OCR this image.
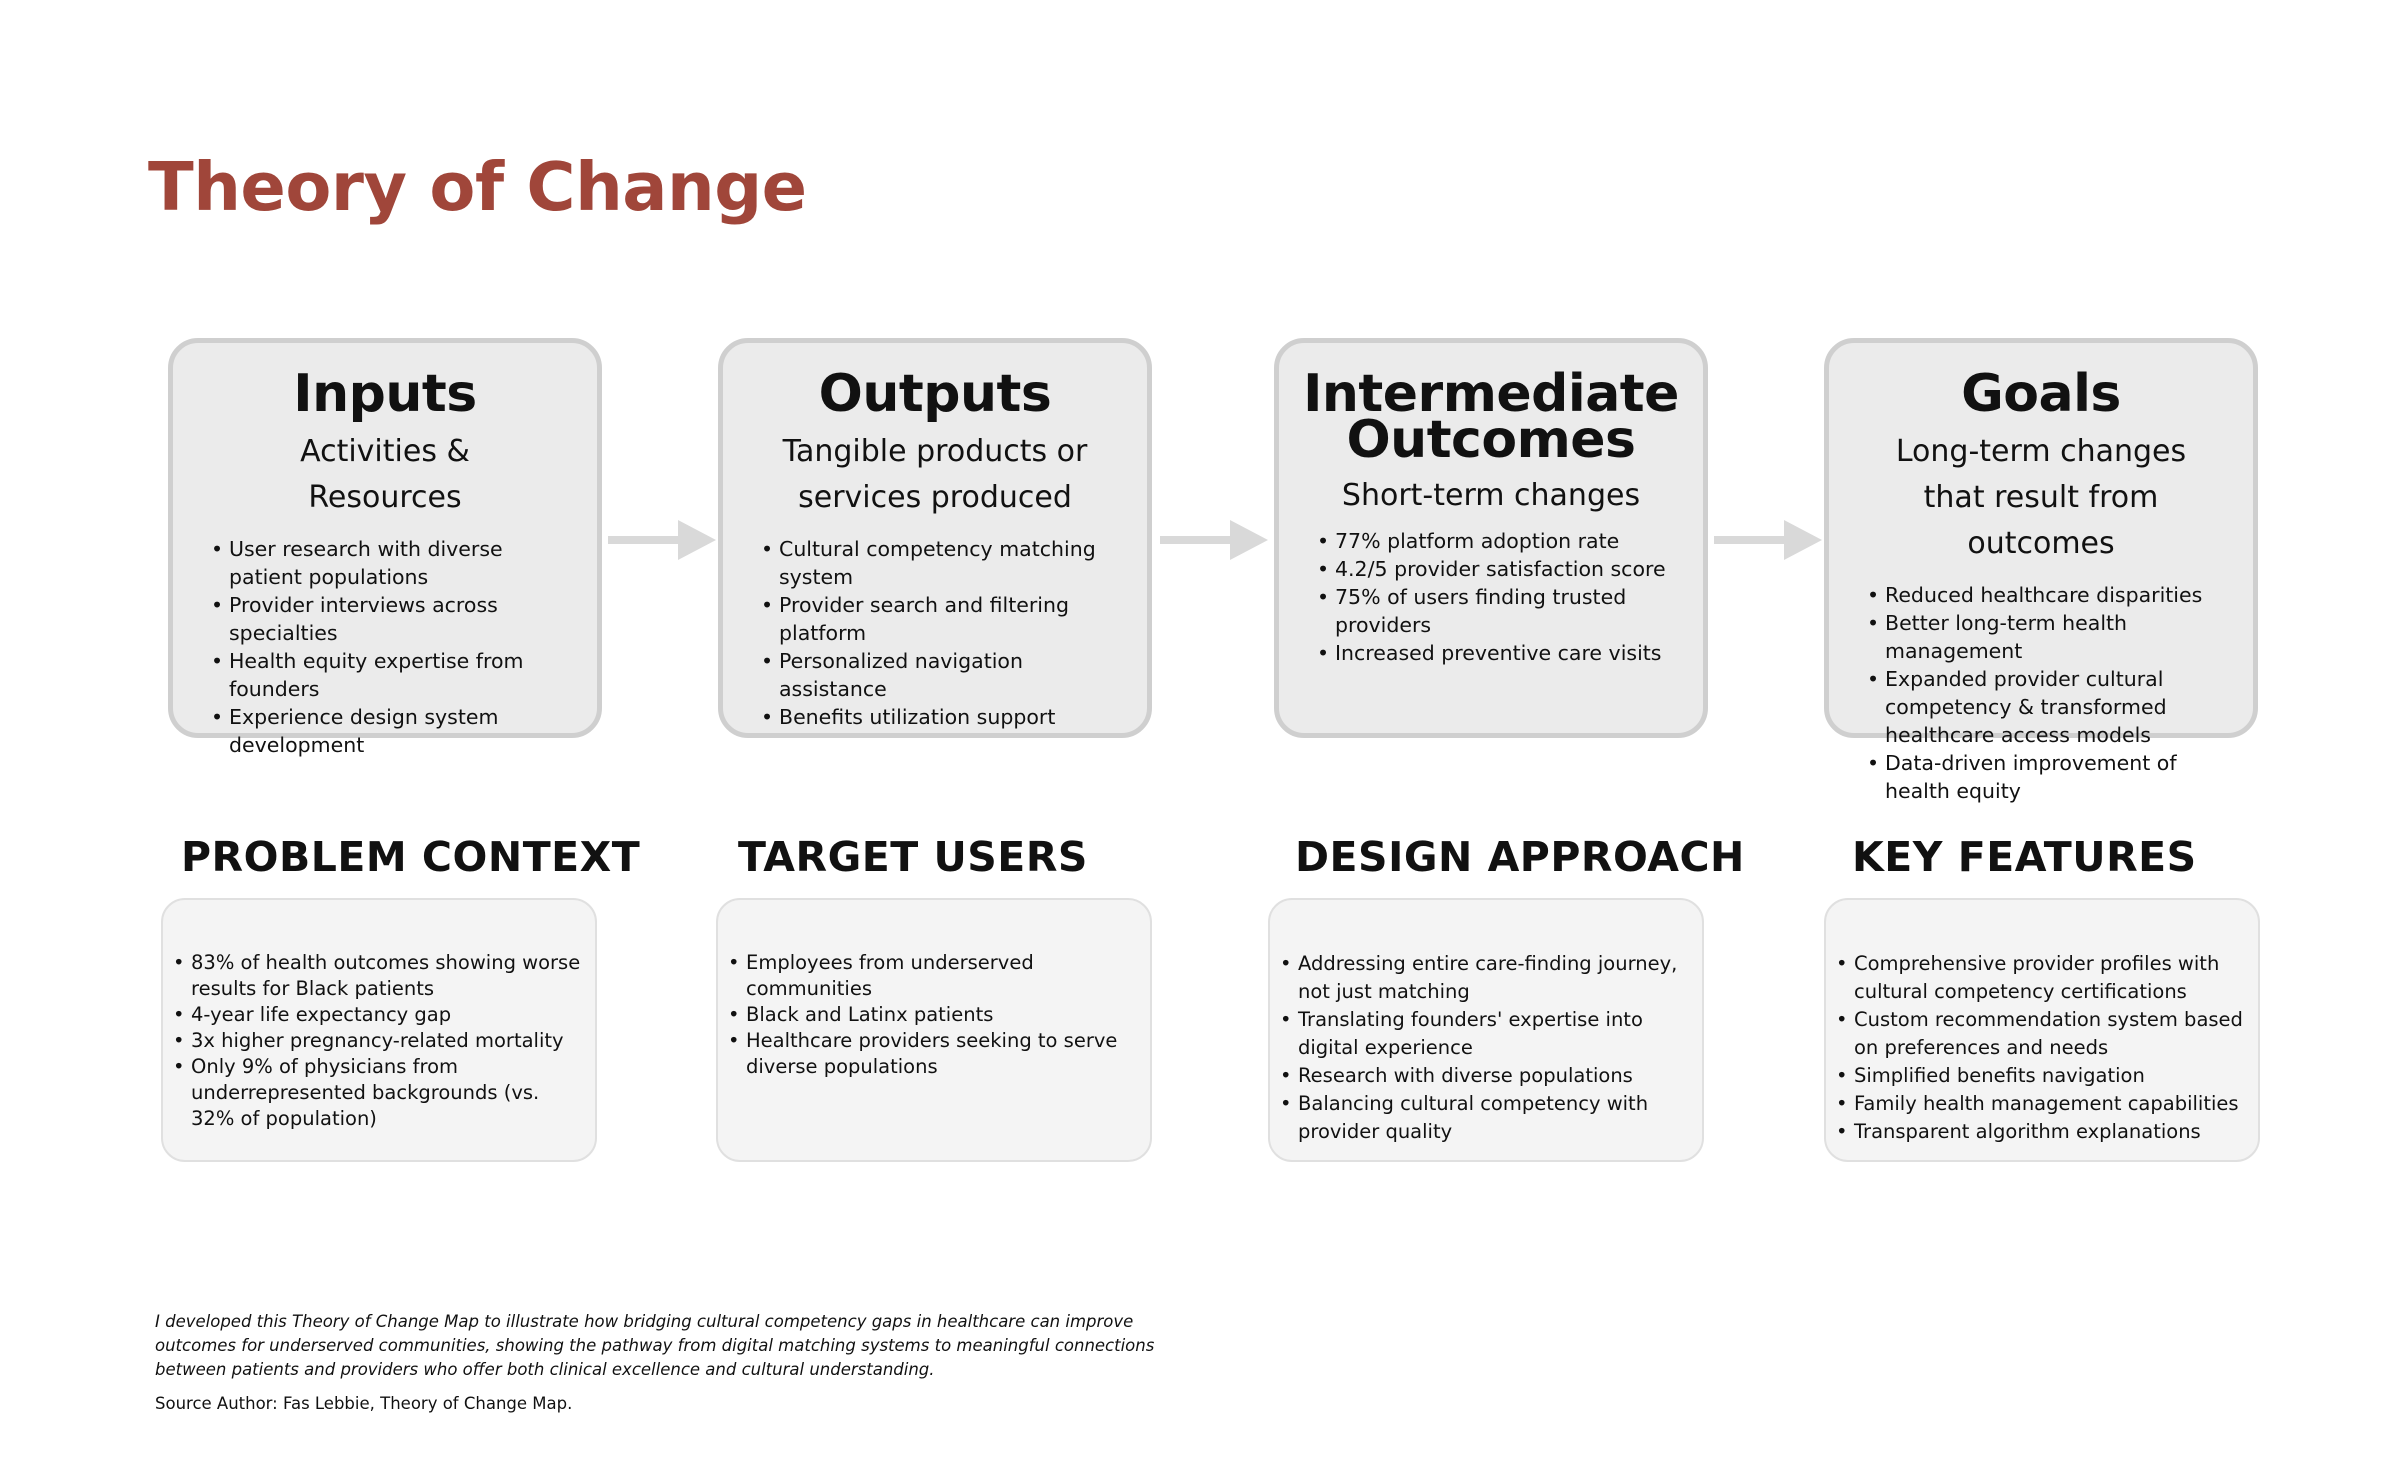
Theory of Change
Inputs
Activities &
Resources
• User research with diverse patient populations
• Provider interviews across specialties
• Health equity expertise from founders
• Experience design system development
Outputs
Tangible products or
services produced
• Cultural competency matching system
• Provider search and filtering platform
• Personalized navigation assistance
• Benefits utilization support
Intermediate Outcomes
Short-term changes
• 77% platform adoption rate
• 4.2/5 provider satisfaction score
• 75% of users finding trusted providers
• Increased preventive care visits
Goals
Long-term changes
that result from outcomes
• Reduced healthcare disparities
• Better long-term health management
• Expanded provider cultural competency & transformed healthcare access models
• Data-driven improvement of health equity
PROBLEM CONTEXT TARGET USERS	DESIGN APPROACH	KEY FEATURES
• 83% of health outcomes showing worse results for Black patients
• 4-year life expectancy gap
• 3x higher pregnancy-related mortality
• Only 9% of physicians from underrepresented backgrounds (vs. 32% of population)
• Employees from underserved communities
• Black and Latinx patients
• Healthcare providers seeking to serve diverse populations
• Addressing entire care-finding journey, not just matching
• Translating founders' expertise into digital experience
• Research with diverse populations
• Balancing cultural competency with provider quality
• Comprehensive provider profiles with cultural competency certifications
• Custom recommendation system based on preferences and needs
• Simplified benefits navigation
• Family health management capabilities
• Transparent algorithm explanations

I developed this Theory of Change Map to illustrate how bridging cultural competency gaps in healthcare can improve outcomes for underserved communities, showing the pathway from digital matching systems to meaningful connections between patients and providers who offer both clinical excellence and cultural understanding.

Source Author: Fas Lebbie, Theory of Change Map.
